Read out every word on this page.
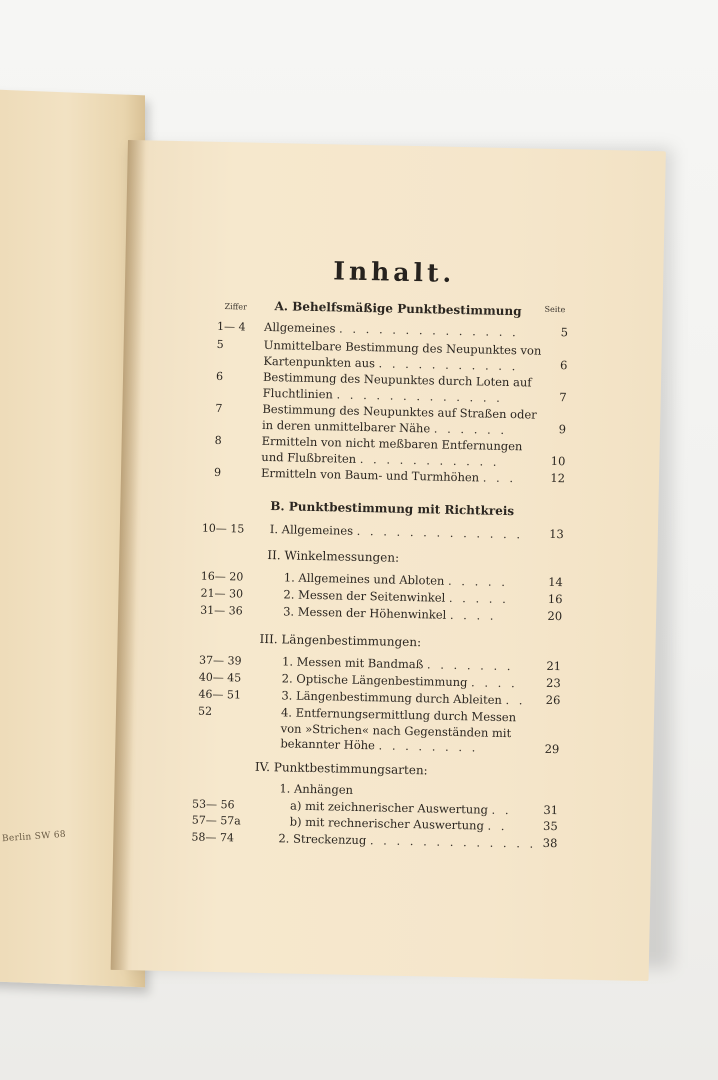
Berlin SW 68
Inhalt.
Ziffer	Seite
A. Behelfsmäßige Punktbestimmung
1— 4 Allgemeines . . . . . . . . . . . . . .	5
5	Unmittelbare Bestimmung des Neupunktes von
Kartenpunkten aus . . . . . . . . . . .	6
6	Bestimmung des Neupunktes durch Loten auf
Fluchtlinien . . . . . . . . . . . . .	7
7	Bestimmung des Neupunktes auf Straßen oder
in deren unmittelbarer Nähe . . . . . .	9
8	Ermitteln von nicht meßbaren Entfernungen
und Flußbreiten . . . . . . . . . . .	10
9	Ermitteln von Baum- und Turmhöhen . . .	12
B. Punktbestimmung mit Richtkreis
10— 15 I. Allgemeines . . . . . . . . . . . . .	13
II. Winkelmessungen:
16— 20	1. Allgemeines und Abloten . . . . .	14
21— 30	2. Messen der Seitenwinkel . . . . .	16
31— 36	3. Messen der Höhenwinkel . . . .	20
III. Längenbestimmungen:
37— 39	1. Messen mit Bandmaß . . . . . . .	21
40— 45	2. Optische Längenbestimmung . . . .	23
46— 51	3. Längenbestimmung durch Ableiten . .	26
52	4. Entfernungsermittlung durch Messen
von »Strichen« nach Gegenständen mit
bekannter Höhe . . . . . . . .	29
IV. Punktbestimmungsarten:
1. Anhängen
53— 56	a) mit zeichnerischer Auswertung . .	31
57— 57a	b) mit rechnerischer Auswertung . .	35
58— 74	2. Streckenzug . . . . . . . . . . . . . 38
